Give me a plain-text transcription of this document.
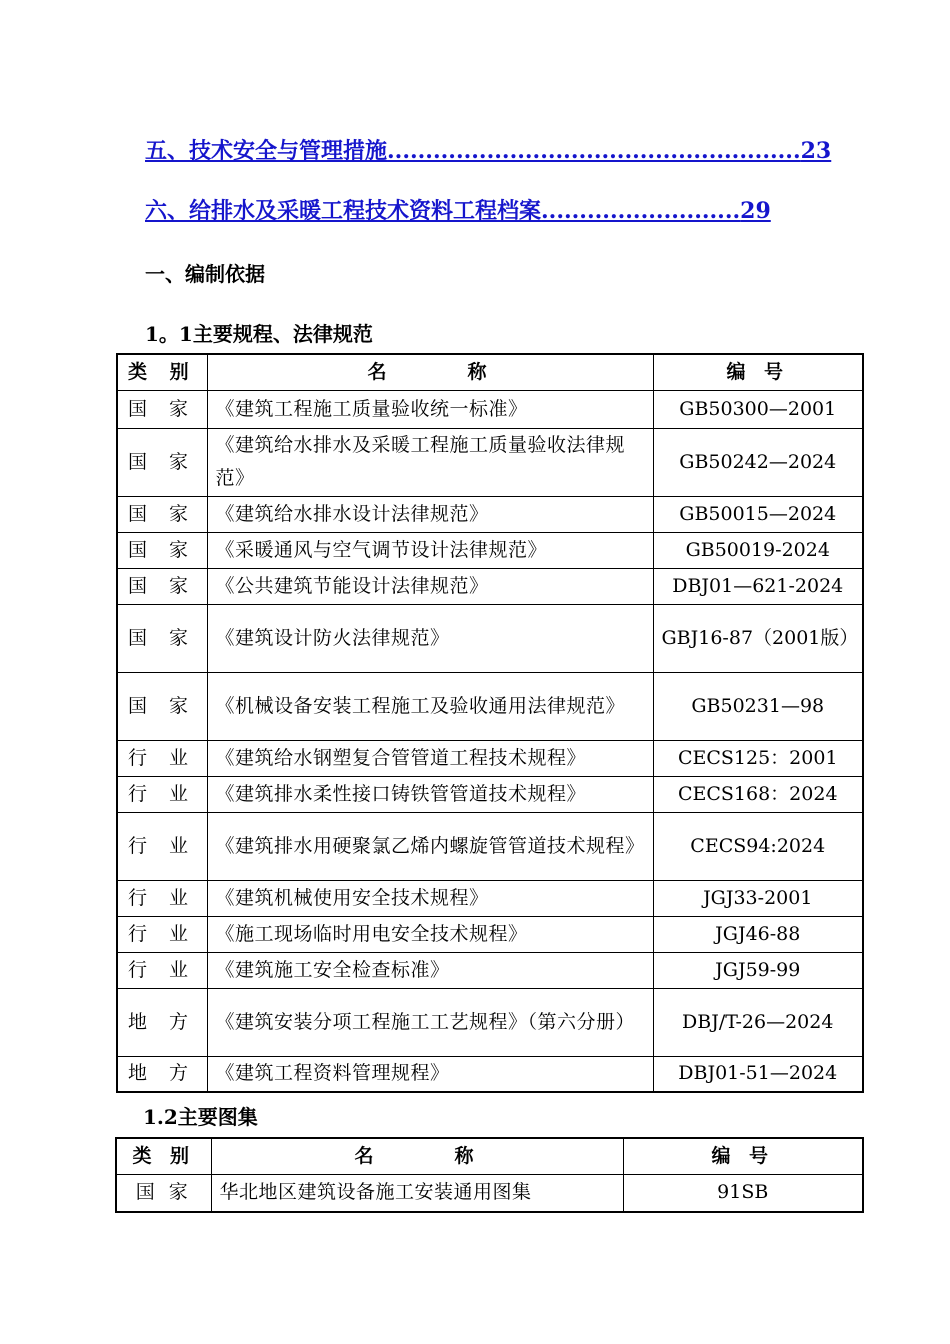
五、技术安全与管理措施......................................................23
六、给排水及采暖工程技术资料工程档案..........................29
一、编制依据
1。1主要规程、法律规范
类 别	名　　　称	编 号
国 家	《建筑工程施工质量验收统一标准》	GB50300—2001
国 家	《建筑给水排水及采暖工程施工质量验收法律规范》	GB50242—2024
国 家	《建筑给水排水设计法律规范》	GB50015—2024
国 家	《采暖通风与空气调节设计法律规范》	GB50019-2024
国 家	《公共建筑节能设计法律规范》	DBJ01—621-2024
国 家	《建筑设计防火法律规范》	GBJ16-87（2001版）
国 家	《机械设备安装工程施工及验收通用法律规范》	GB50231—98
行 业	《建筑给水钢塑复合管管道工程技术规程》	CECS125：2001
行 业	《建筑排水柔性接口铸铁管管道技术规程》	CECS168：2024
行 业	《建筑排水用硬聚氯乙烯内螺旋管管道技术规程》	CECS94:2024
行 业	《建筑机械使用安全技术规程》	JGJ33-2001
行 业	《施工现场临时用电安全技术规程》	JGJ46-88
行 业	《建筑施工安全检查标准》	JGJ59-99
地 方	《建筑安装分项工程施工工艺规程》（第六分册）	DBJ/T-26—2024
地 方	《建筑工程资料管理规程》	DBJ01-51—2024
1.2主要图集
类 别	名　　　称	编 号
国 家	华北地区建筑设备施工安装通用图集	91SB
